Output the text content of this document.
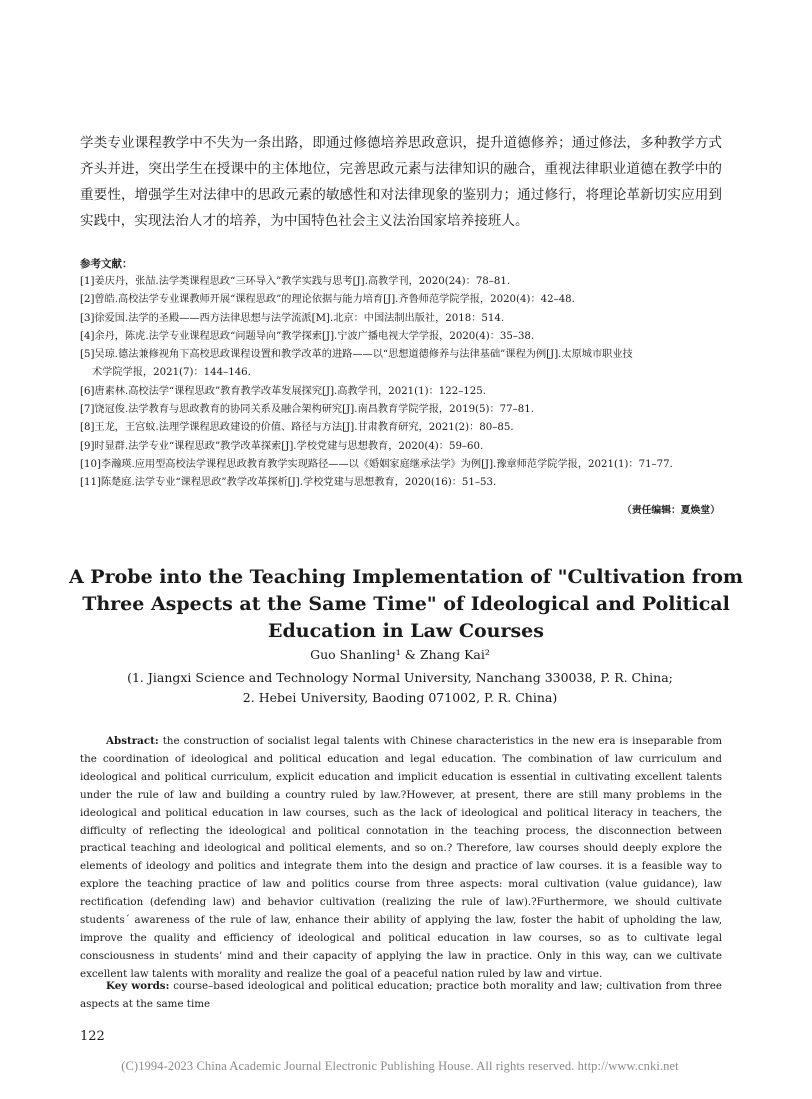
学类专业课程教学中不失为一条出路，即通过修德培养思政意识，提升道德修养；通过修法，多种教学方式齐头并进，突出学生在授课中的主体地位，完善思政元素与法律知识的融合，重视法律职业道德在教学中的重要性，增强学生对法律中的思政元素的敏感性和对法律现象的鉴别力；通过修行，将理论革新切实应用到实践中，实现法治人才的培养，为中国特色社会主义法治国家培养接班人。

参考文献：

[1]姜庆丹，张喆.法学类课程思政“三环导入”教学实践与思考[J].高教学刊，2020(24)：78–81.
[2]曾皓.高校法学专业课教师开展“课程思政”的理论依据与能力培育[J].齐鲁师范学院学报，2020(4)：42–48.
[3]徐爱国.法学的圣殿——西方法律思想与法学流派[M].北京：中国法制出版社，2018：514.
[4]余丹，陈虎.法学专业课程思政“问题导向”教学探索[J].宁波广播电视大学学报，2020(4)：35–38.
[5]吴琼.德法兼修视角下高校思政课程设置和教学改革的进路——以“思想道德修养与法律基础”课程为例[J].太原城市职业技
术学院学报，2021(7)：144–146.
[6]唐素林.高校法学“课程思政”教育教学改革发展探究[J].高教学刊，2021(1)：122–125.
[7]饶冠俊.法学教育与思政教育的协同关系及融合架构研究[J].南昌教育学院学报，2019(5)：77–81.
[8]王龙，王宫蚊.法理学课程思政建设的价值、路径与方法[J].甘肃教育研究，2021(2)：80–85.
[9]时显群.法学专业“课程思政”教学改革探索[J].学校党建与思想教育，2020(4)：59–60.
[10]李瀚瑛.应用型高校法学课程思政教育教学实现路径——以《婚姻家庭继承法学》为例[J].豫章师范学院学报，2021(1)：71–77.
[11]陈楚庭.法学专业“课程思政”教学改革探析[J].学校党建与思想教育，2020(16)：51–53.

（责任编辑：夏焕堂）

A Probe into the Teaching Implementation of "Cultivation from Three Aspects at the Same Time" of Ideological and Political Education in Law Courses

Guo Shanling¹ & Zhang Kai²

(1. Jiangxi Science and Technology Normal University, Nanchang 330038, P. R. China;
2. Hebei University, Baoding 071002, P. R. China)

Abstract: the construction of socialist legal talents with Chinese characteristics in the new era is inseparable from the coordination of ideological and political education and legal education. The combination of law curriculum and ideological and political curriculum, explicit education and implicit education is essential in cultivating excellent talents under the rule of law and building a country ruled by law.?However, at present, there are still many problems in the ideological and political education in law courses, such as the lack of ideological and political literacy in teachers, the difficulty of reflecting the ideological and political connotation in the teaching process, the disconnection between practical teaching and ideological and political elements, and so on.? Therefore, law courses should deeply explore the elements of ideology and politics and integrate them into the design and practice of law courses. it is a feasible way to explore the teaching practice of law and politics course from three aspects: moral cultivation (value guidance), law rectification (defending law) and behavior cultivation (realizing the rule of law).?Furthermore, we should cultivate students´ awareness of the rule of law, enhance their ability of applying the law, foster the habit of upholding the law, improve the quality and efficiency of ideological and political education in law courses, so as to cultivate legal consciousness in students’ mind and their capacity of applying the law in practice. Only in this way, can we cultivate excellent law talents with morality and realize the goal of a peaceful nation ruled by law and virtue.

Key words: course–based ideological and political education; practice both morality and law; cultivation from three aspects at the same time

122

(C)1994-2023 China Academic Journal Electronic Publishing House. All rights reserved. http://www.cnki.net
